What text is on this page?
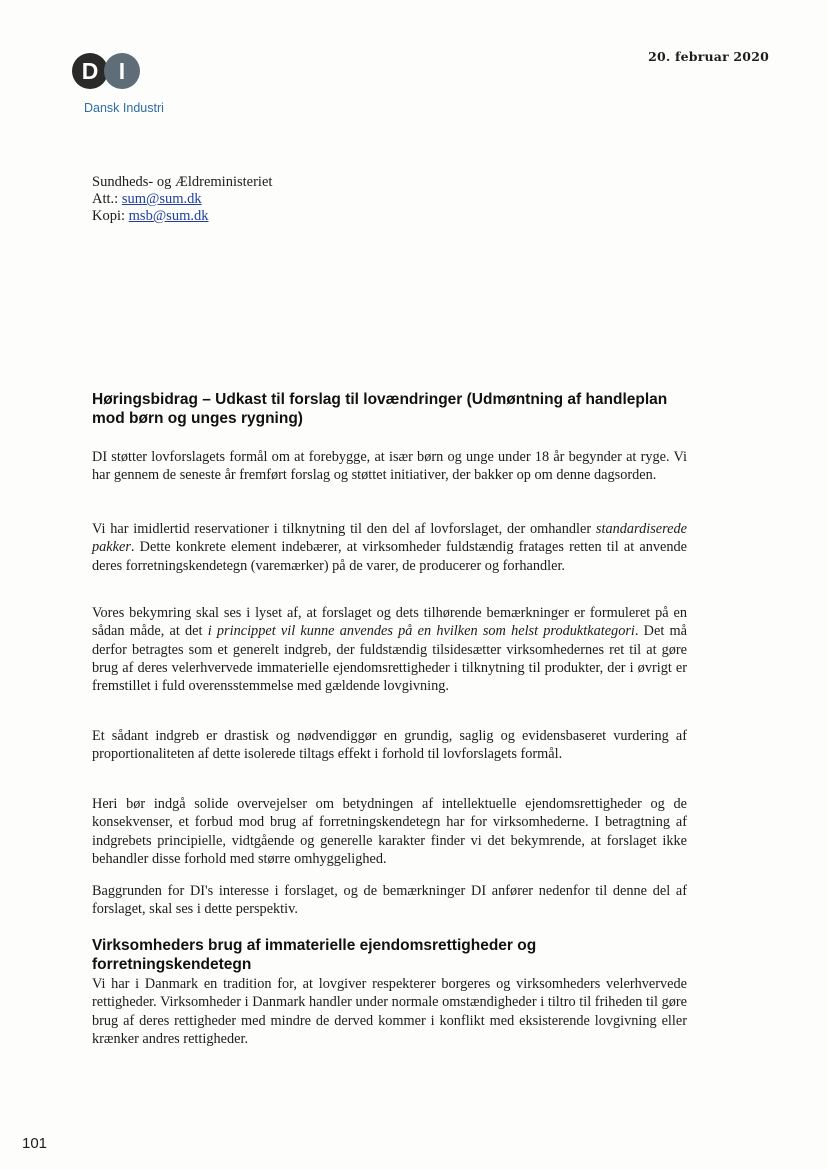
D I
Dansk Industri
20. februar 2020
Sundheds- og Ældreministeriet
Att.: sum@sum.dk
Kopi: msb@sum.dk
Høringsbidrag – Udkast til forslag til lovændringer (Udmøntning af handleplan mod børn og unges rygning)
DI støtter lovforslagets formål om at forebygge, at især børn og unge under 18 år begynder at ryge. Vi har gennem de seneste år fremført forslag og støttet initiativer, der bakker op om denne dagsorden.
Vi har imidlertid reservationer i tilknytning til den del af lovforslaget, der omhandler standardiserede pakker. Dette konkrete element indebærer, at virksomheder fuldstændig fratages retten til at anvende deres forretningskendetegn (varemærker) på de varer, de producerer og forhandler.
Vores bekymring skal ses i lyset af, at forslaget og dets tilhørende bemærkninger er formuleret på en sådan måde, at det i princippet vil kunne anvendes på en hvilken som helst produktkategori. Det må derfor betragtes som et generelt indgreb, der fuldstændig tilsidesætter virksomhedernes ret til at gøre brug af deres velerhvervede immaterielle ejendomsrettigheder i tilknytning til produkter, der i øvrigt er fremstillet i fuld overensstemmelse med gældende lovgivning.
Et sådant indgreb er drastisk og nødvendiggør en grundig, saglig og evidensbaseret vurdering af proportionaliteten af dette isolerede tiltags effekt i forhold til lovforslagets formål.
Heri bør indgå solide overvejelser om betydningen af intellektuelle ejendomsrettigheder og de konsekvenser, et forbud mod brug af forretningskendetegn har for virksomhederne. I betragtning af indgrebets principielle, vidtgående og generelle karakter finder vi det bekymrende, at forslaget ikke behandler disse forhold med større omhyggelighed.
Baggrunden for DI's interesse i forslaget, og de bemærkninger DI anfører nedenfor til denne del af forslaget, skal ses i dette perspektiv.
Virksomheders brug af immaterielle ejendomsrettigheder og forretningskendetegn
Vi har i Danmark en tradition for, at lovgiver respekterer borgeres og virksomheders velerhvervede rettigheder. Virksomheder i Danmark handler under normale omstændigheder i tiltro til friheden til gøre brug af deres rettigheder med mindre de derved kommer i konflikt med eksisterende lovgivning eller krænker andres rettigheder.
101
